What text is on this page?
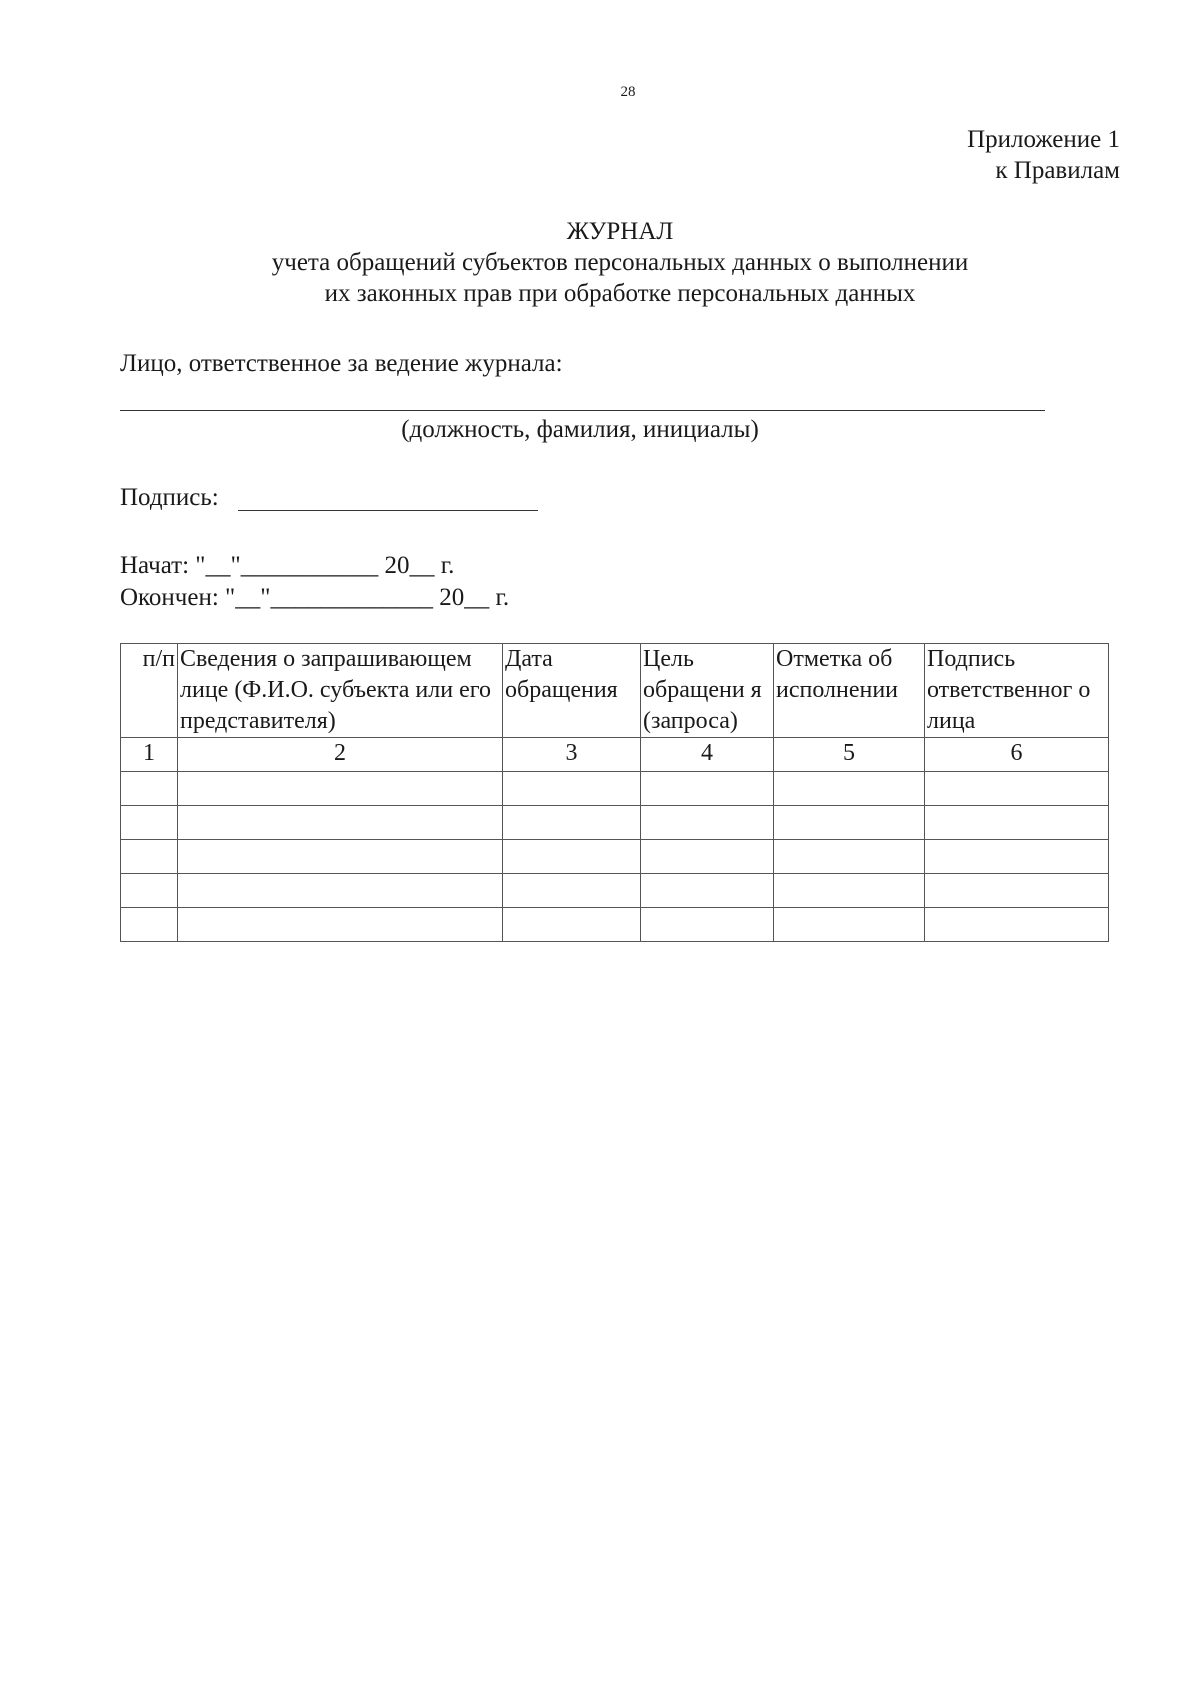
28
Приложение 1
к Правилам
ЖУРНАЛ
учета обращений субъектов персональных данных о выполнении
их законных прав при обработке персональных данных
Лицо, ответственное за ведение журнала:
(должность, фамилия, инициалы)
Подпись:
Начат: "__"___________ 20__ г.
Окончен: "__"_____________ 20__ г.
п/п	Сведения о запрашивающем лице (Ф.И.О. субъекта или его представителя)	Дата обращения	Цель обращени я (запроса)	Отметка об исполнении	Подпись ответственног о лица
1	2	3	4	5	6
